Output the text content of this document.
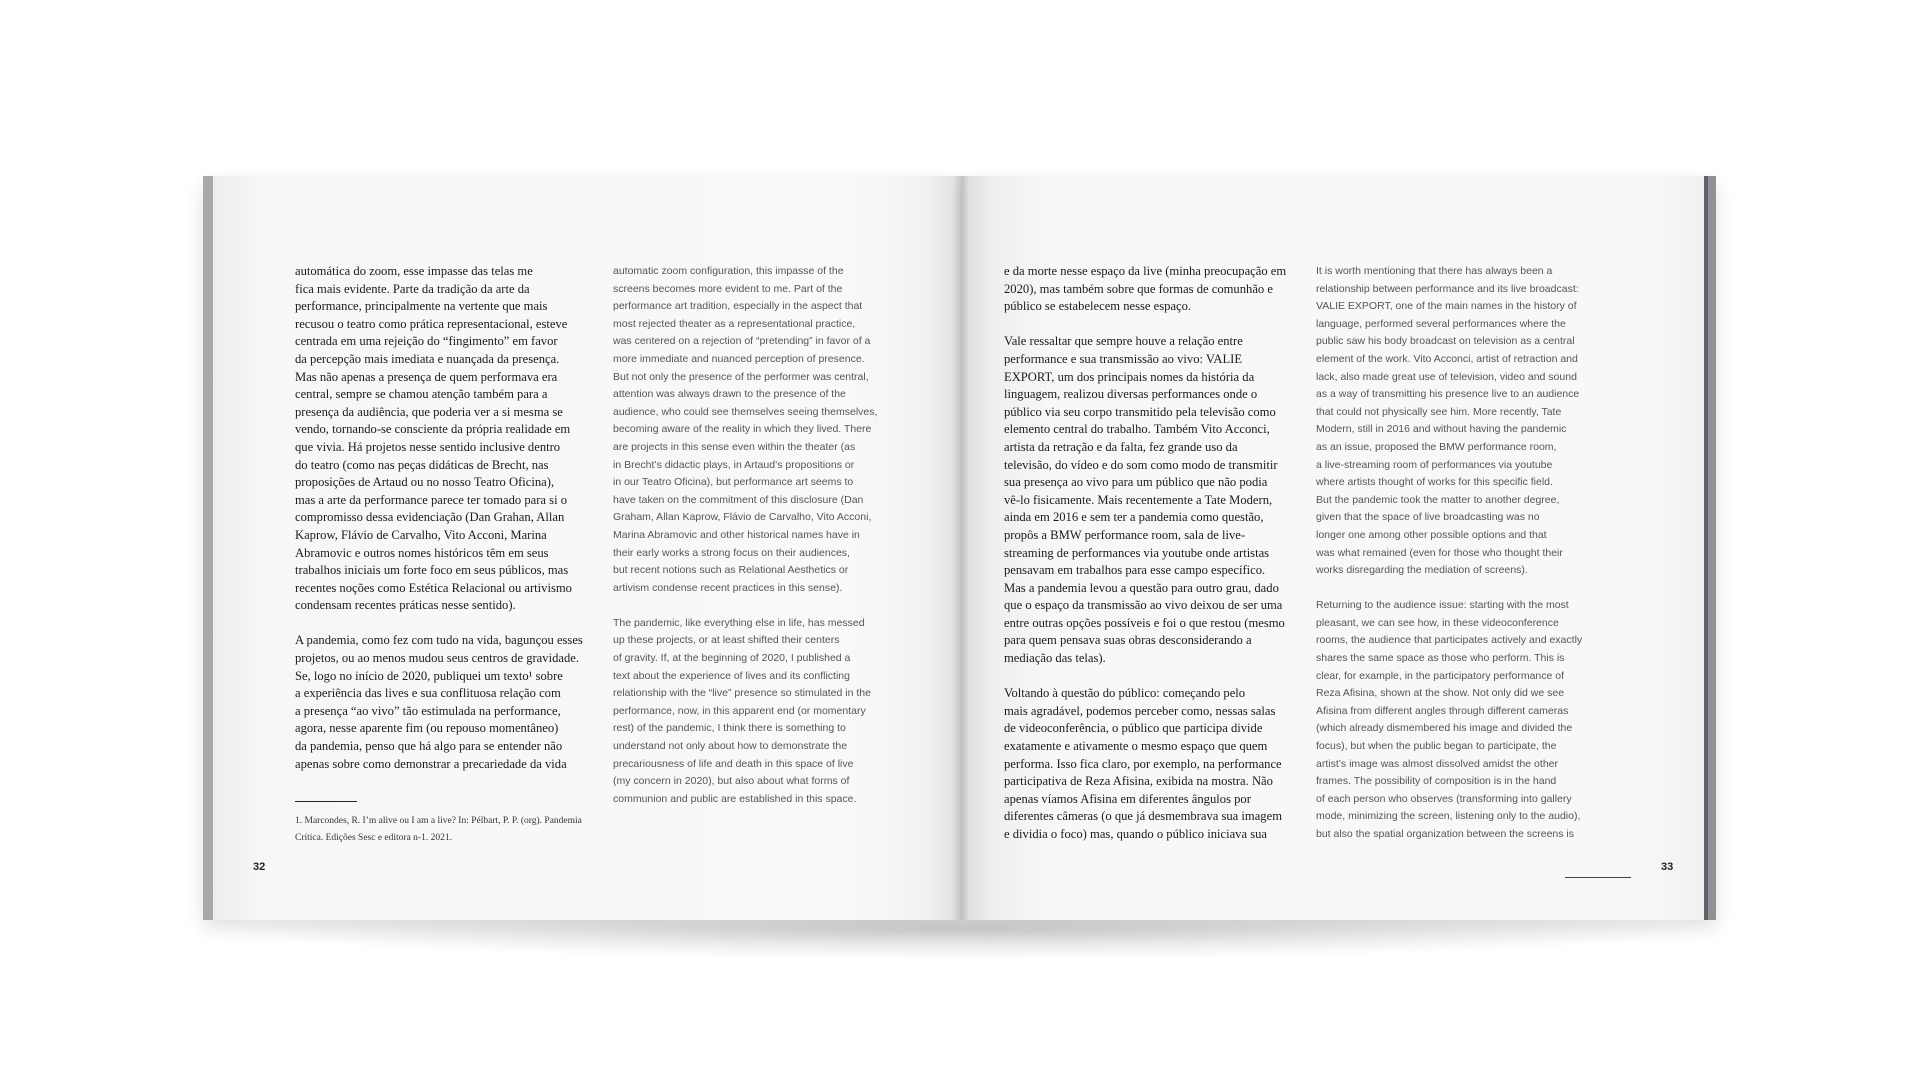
automática do zoom, esse impasse das telas me
fica mais evidente. Parte da tradição da arte da
performance, principalmente na vertente que mais
recusou o teatro como prática representacional, esteve
centrada em uma rejeição do “fingimento” em favor
da percepção mais imediata e nuançada da presença.
Mas não apenas a presença de quem performava era
central, sempre se chamou atenção também para a
presença da audiência, que poderia ver a si mesma se
vendo, tornando-se consciente da própria realidade em
que vivia. Há projetos nesse sentido inclusive dentro
do teatro (como nas peças didáticas de Brecht, nas
proposições de Artaud ou no nosso Teatro Oficina),
mas a arte da performance parece ter tomado para si o
compromisso dessa evidenciação (Dan Grahan, Allan
Kaprow, Flávio de Carvalho, Vito Acconi, Marina
Abramovic e outros nomes históricos têm em seus
trabalhos iniciais um forte foco em seus públicos, mas
recentes noções como Estética Relacional ou artivismo
condensam recentes práticas nesse sentido).

A pandemia, como fez com tudo na vida, bagunçou esses
projetos, ou ao menos mudou seus centros de gravidade.
Se, logo no início de 2020, publiquei um texto¹ sobre
a experiência das lives e sua conflituosa relação com
a presença “ao vivo” tão estimulada na performance,
agora, nesse aparente fim (ou repouso momentâneo)
da pandemia, penso que há algo para se entender não
apenas sobre como demonstrar a precariedade da vida

automatic zoom configuration, this impasse of the
screens becomes more evident to me. Part of the
performance art tradition, especially in the aspect that
most rejected theater as a representational practice,
was centered on a rejection of “pretending” in favor of a
more immediate and nuanced perception of presence.
But not only the presence of the performer was central,
attention was always drawn to the presence of the
audience, who could see themselves seeing themselves,
becoming aware of the reality in which they lived. There
are projects in this sense even within the theater (as
in Brecht’s didactic plays, in Artaud’s propositions or
in our Teatro Oficina), but performance art seems to
have taken on the commitment of this disclosure (Dan
Graham, Allan Kaprow, Flávio de Carvalho, Vito Acconi,
Marina Abramovic and other historical names have in
their early works a strong focus on their audiences,
but recent notions such as Relational Aesthetics or
artivism condense recent practices in this sense).

The pandemic, like everything else in life, has messed
up these projects, or at least shifted their centers
of gravity. If, at the beginning of 2020, I published a
text about the experience of lives and its conflicting
relationship with the “live” presence so stimulated in the
performance, now, in this apparent end (or momentary
rest) of the pandemic, I think there is something to
understand not only about how to demonstrate the
precariousness of life and death in this space of live
(my concern in 2020), but also about what forms of
communion and public are established in this space.

1. Marcondes, R. I’m alive ou I am a live? In: Pélbart, P. P. (org). Pandemia
Crítica. Edições Sesc e editora n-1. 2021.
32

e da morte nesse espaço da live (minha preocupação em
2020), mas também sobre que formas de comunhão e
público se estabelecem nesse espaço.

Vale ressaltar que sempre houve a relação entre
performance e sua transmissão ao vivo: VALIE
EXPORT, um dos principais nomes da história da
linguagem, realizou diversas performances onde o
público via seu corpo transmitido pela televisão como
elemento central do trabalho. Também Vito Acconci,
artista da retração e da falta, fez grande uso da
televisão, do vídeo e do som como modo de transmitir
sua presença ao vivo para um público que não podia
vê-lo fisicamente. Mais recentemente a Tate Modern,
ainda em 2016 e sem ter a pandemia como questão,
propôs a BMW performance room, sala de live-
streaming de performances via youtube onde artistas
pensavam em trabalhos para esse campo específico.
Mas a pandemia levou a questão para outro grau, dado
que o espaço da transmissão ao vivo deixou de ser uma
entre outras opções possíveis e foi o que restou (mesmo
para quem pensava suas obras desconsiderando a
mediação das telas).

Voltando à questão do público: começando pelo
mais agradável, podemos perceber como, nessas salas
de videoconferência, o público que participa divide
exatamente e ativamente o mesmo espaço que quem
performa. Isso fica claro, por exemplo, na performance
participativa de Reza Afisina, exibida na mostra. Não
apenas víamos Afisina em diferentes ângulos por
diferentes câmeras (o que já desmembrava sua imagem
e dividia o foco) mas, quando o público iniciava sua

It is worth mentioning that there has always been a
relationship between performance and its live broadcast:
VALIE EXPORT, one of the main names in the history of
language, performed several performances where the
public saw his body broadcast on television as a central
element of the work. Vito Acconci, artist of retraction and
lack, also made great use of television, video and sound
as a way of transmitting his presence live to an audience
that could not physically see him. More recently, Tate
Modern, still in 2016 and without having the pandemic
as an issue, proposed the BMW performance room,
a live-streaming room of performances via youtube
where artists thought of works for this specific field.
But the pandemic took the matter to another degree,
given that the space of live broadcasting was no
longer one among other possible options and that
was what remained (even for those who thought their
works disregarding the mediation of screens).

Returning to the audience issue: starting with the most
pleasant, we can see how, in these videoconference
rooms, the audience that participates actively and exactly
shares the same space as those who perform. This is
clear, for example, in the participatory performance of
Reza Afisina, shown at the show. Not only did we see
Afisina from different angles through different cameras
(which already dismembered his image and divided the
focus), but when the public began to participate, the
artist’s image was almost dissolved amidst the other
frames. The possibility of composition is in the hand
of each person who observes (transforming into gallery
mode, minimizing the screen, listening only to the audio),
but also the spatial organization between the screens is

33
